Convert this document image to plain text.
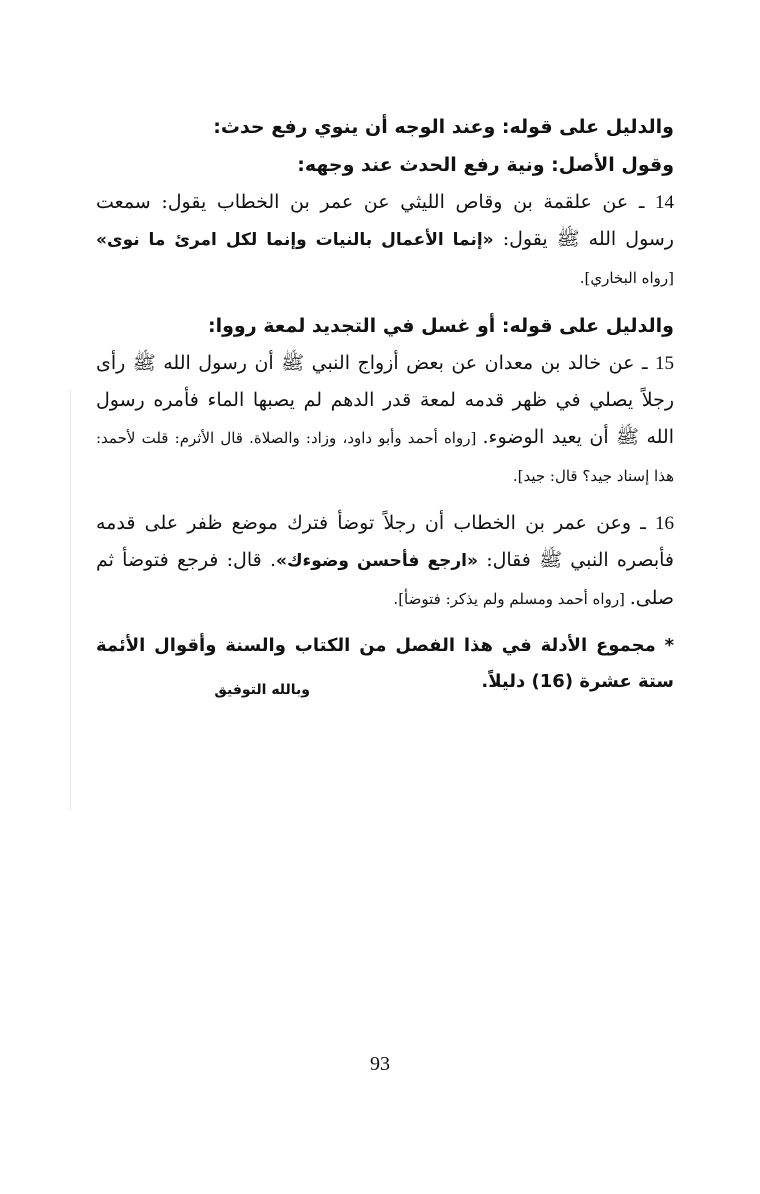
والدليل على قوله: وعند الوجه أن ينوي رفع حدث:

وقول الأصل: ونية رفع الحدث عند وجهه:

14 ـ عن علقمة بن وقاص الليثي عن عمر بن الخطاب يقول: سمعت رسول الله ﷺ يقول: «إنما الأعمال بالنيات وإنما لكل امرئ ما نوى» [رواه البخاري].

والدليل على قوله: أو غسل في التجديد لمعة رووا:

15 ـ عن خالد بن معدان عن بعض أزواج النبي ﷺ أن رسول الله ﷺ رأى رجلاً يصلي في ظهر قدمه لمعة قدر الدهم لم يصبها الماء فأمره رسول الله ﷺ أن يعيد الوضوء. [رواه أحمد وأبو داود، وزاد: والصلاة. قال الأثرم: قلت لأحمد: هذا إسناد جيد؟ قال: جيد].

16 ـ وعن عمر بن الخطاب أن رجلاً توضأ فترك موضع ظفر على قدمه فأبصره النبي ﷺ فقال: «ارجع فأحسن وضوءك». قال: فرجع فتوضأ ثم صلى. [رواه أحمد ومسلم ولم يذكر: فتوضأ].

* مجموع الأدلة في هذا الفصل من الكتاب والسنة وأقوال الأئمة ستة عشرة (16) دليلاً.

وبالله التوفيق
93
